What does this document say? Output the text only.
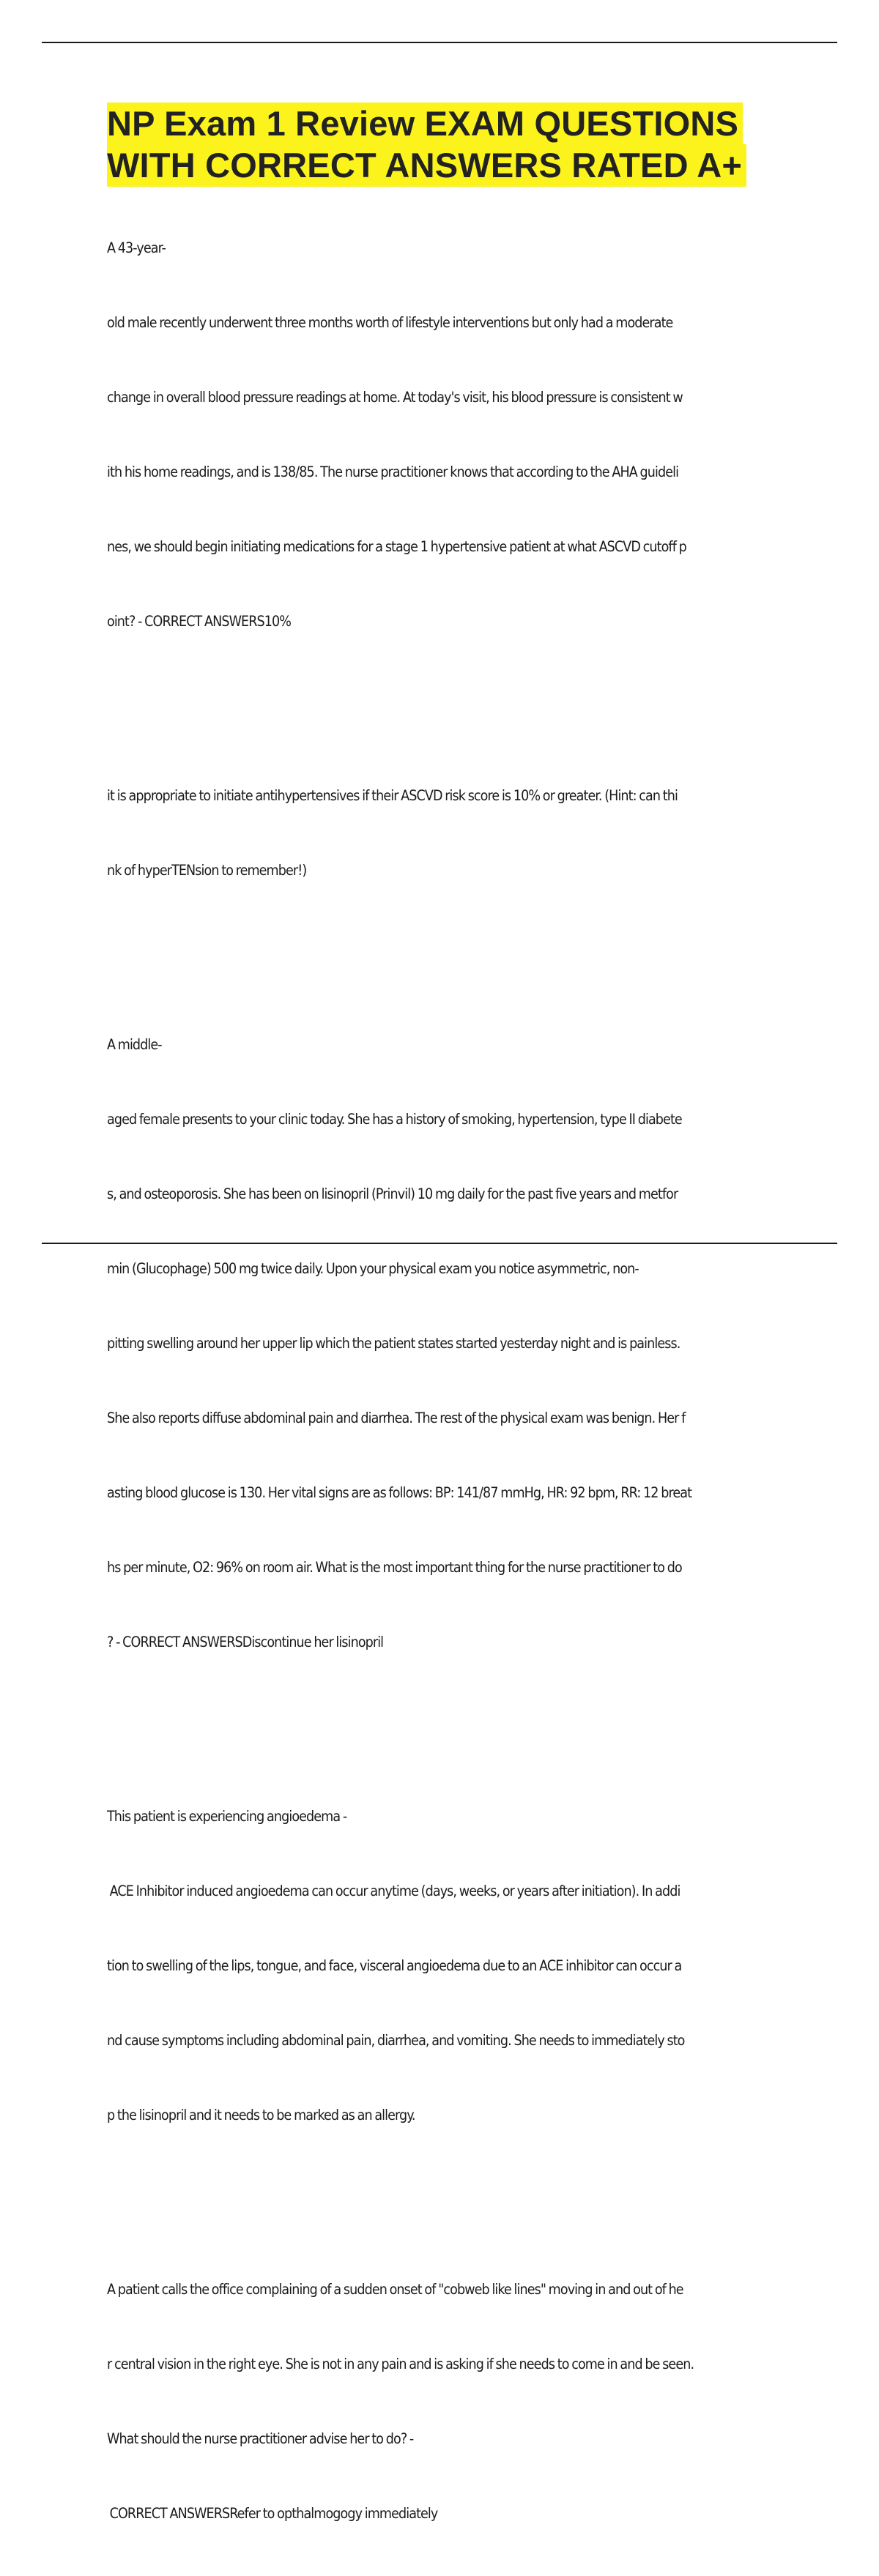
NP Exam 1 Review EXAM QUESTIONS
WITH CORRECT ANSWERS RATED A+

A 43-year-

old male recently underwent three months worth of lifestyle interventions but only had a moderate

change in overall blood pressure readings at home. At today's visit, his blood pressure is consistent w

ith his home readings, and is 138/85. The nurse practitioner knows that according to the AHA guideli

nes, we should begin initiating medications for a stage 1 hypertensive patient at what ASCVD cutoff p

oint? - CORRECT ANSWERS10%

it is appropriate to initiate antihypertensives if their ASCVD risk score is 10% or greater. (Hint: can thi

nk of hyperTENsion to remember!)

A middle-

aged female presents to your clinic today. She has a history of smoking, hypertension, type II diabete

s, and osteoporosis. She has been on lisinopril (Prinvil) 10 mg daily for the past five years and metfor

min (Glucophage) 500 mg twice daily. Upon your physical exam you notice asymmetric, non-

pitting swelling around her upper lip which the patient states started yesterday night and is painless.

She also reports diffuse abdominal pain and diarrhea. The rest of the physical exam was benign. Her f

asting blood glucose is 130. Her vital signs are as follows: BP: 141/87 mmHg, HR: 92 bpm, RR: 12 breat

hs per minute, O2: 96% on room air. What is the most important thing for the nurse practitioner to do

? - CORRECT ANSWERSDiscontinue her lisinopril

This patient is experiencing angioedema -

ACE Inhibitor induced angioedema can occur anytime (days, weeks, or years after initiation). In addi

tion to swelling of the lips, tongue, and face, visceral angioedema due to an ACE inhibitor can occur a

nd cause symptoms including abdominal pain, diarrhea, and vomiting. She needs to immediately sto

p the lisinopril and it needs to be marked as an allergy.

A patient calls the office complaining of a sudden onset of "cobweb like lines" moving in and out of he

r central vision in the right eye. She is not in any pain and is asking if she needs to come in and be seen.

What should the nurse practitioner advise her to do? -

CORRECT ANSWERSRefer to opthalmogogy immediately
